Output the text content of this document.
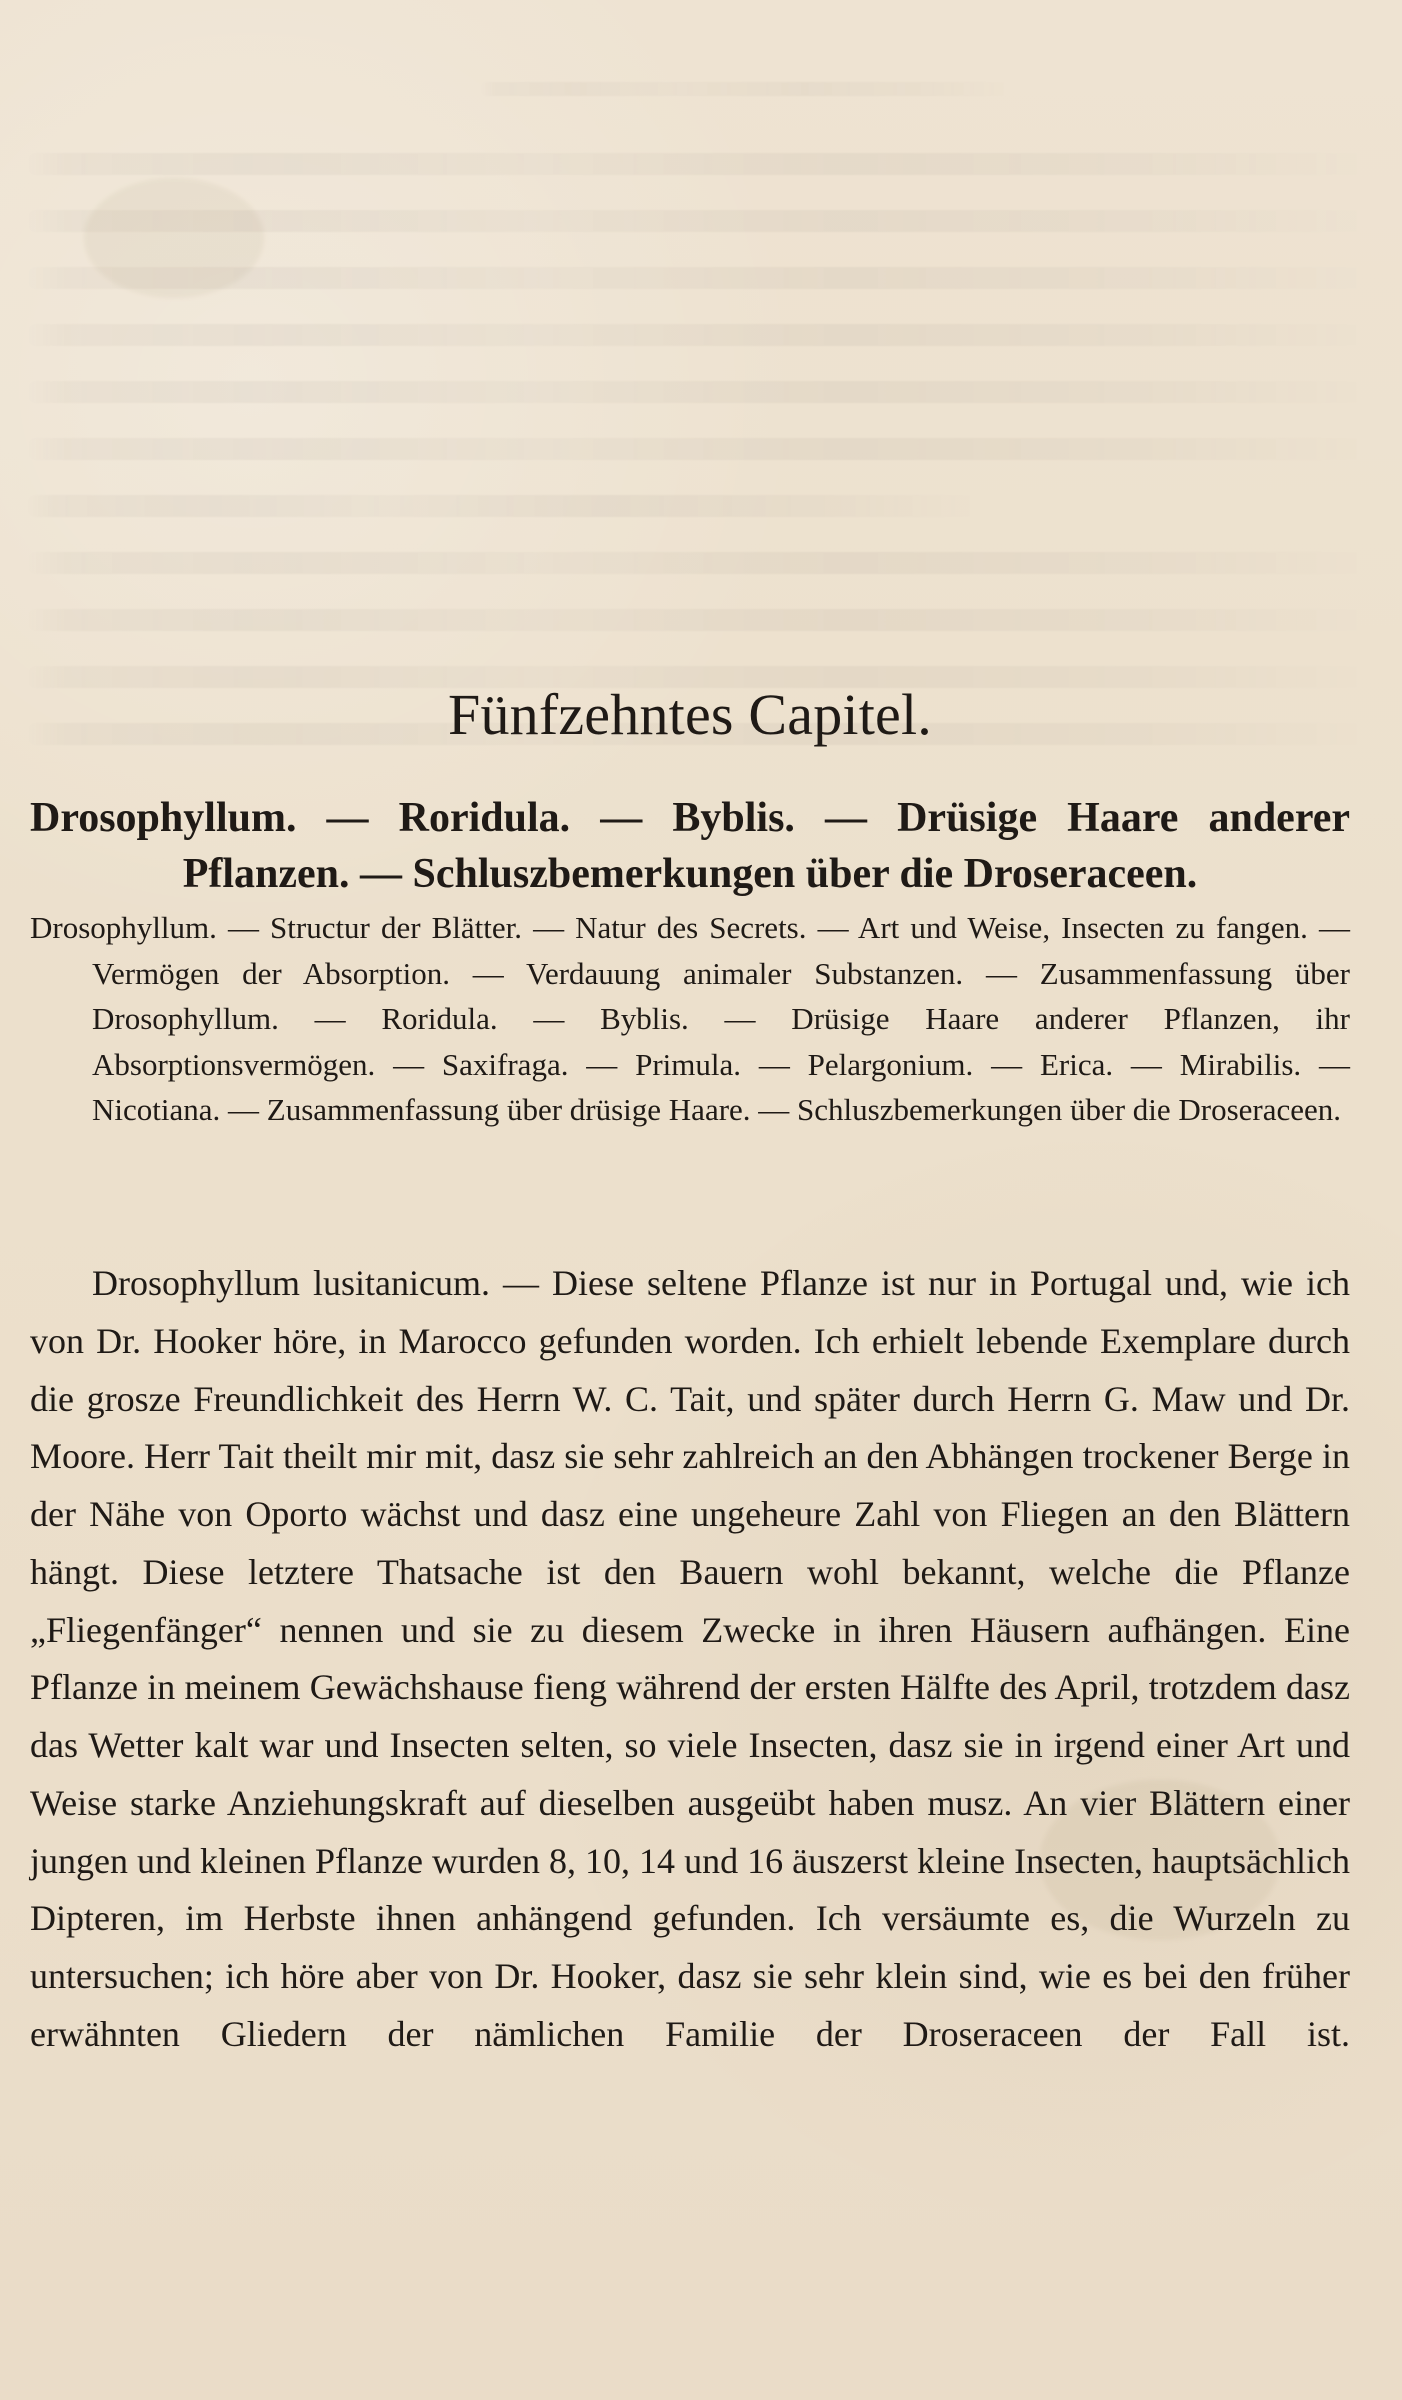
Fünfzehntes Capitel.
Drosophyllum. — Roridula. — Byblis. — Drüsige Haare anderer
Pflanzen. — Schluszbemerkungen über die Droseraceen.

Drosophyllum. — Structur der Blätter. — Natur des Secrets. — Art und Weise, Insecten zu fangen. — Vermögen der Absorption. — Verdauung animaler Substanzen. — Zusammenfassung über Drosophyllum. — Roridula. — Byblis. — Drüsige Haare anderer Pflanzen, ihr Absorptionsvermögen. — Saxifraga. — Primula. — Pelargonium. — Erica. — Mirabilis. — Nicotiana. — Zusammenfassung über drüsige Haare. — Schluszbemerkungen über die Droseraceen.

Drosophyllum lusitanicum. — Diese seltene Pflanze ist nur in Portugal und, wie ich von Dr. Hooker höre, in Marocco gefunden worden. Ich erhielt lebende Exemplare durch die grosze Freundlichkeit des Herrn W. C. Tait, und später durch Herrn G. Maw und Dr. Moore. Herr Tait theilt mir mit, dasz sie sehr zahlreich an den Abhängen trockener Berge in der Nähe von Oporto wächst und dasz eine ungeheure Zahl von Fliegen an den Blättern hängt. Diese letztere Thatsache ist den Bauern wohl bekannt, welche die Pflanze „Fliegenfänger“ nennen und sie zu diesem Zwecke in ihren Häusern aufhängen. Eine Pflanze in meinem Gewächshause fieng während der ersten Hälfte des April, trotzdem dasz das Wetter kalt war und Insecten selten, so viele Insecten, dasz sie in irgend einer Art und Weise starke Anziehungskraft auf dieselben ausgeübt haben musz. An vier Blättern einer jungen und kleinen Pflanze wurden 8, 10, 14 und 16 äuszerst kleine Insecten, hauptsächlich Dipteren, im Herbste ihnen anhängend gefunden. Ich versäumte es, die Wurzeln zu untersuchen; ich höre aber von Dr. Hooker, dasz sie sehr klein sind, wie es bei den früher erwähnten Gliedern der nämlichen Familie der Droseraceen der Fall ist.
